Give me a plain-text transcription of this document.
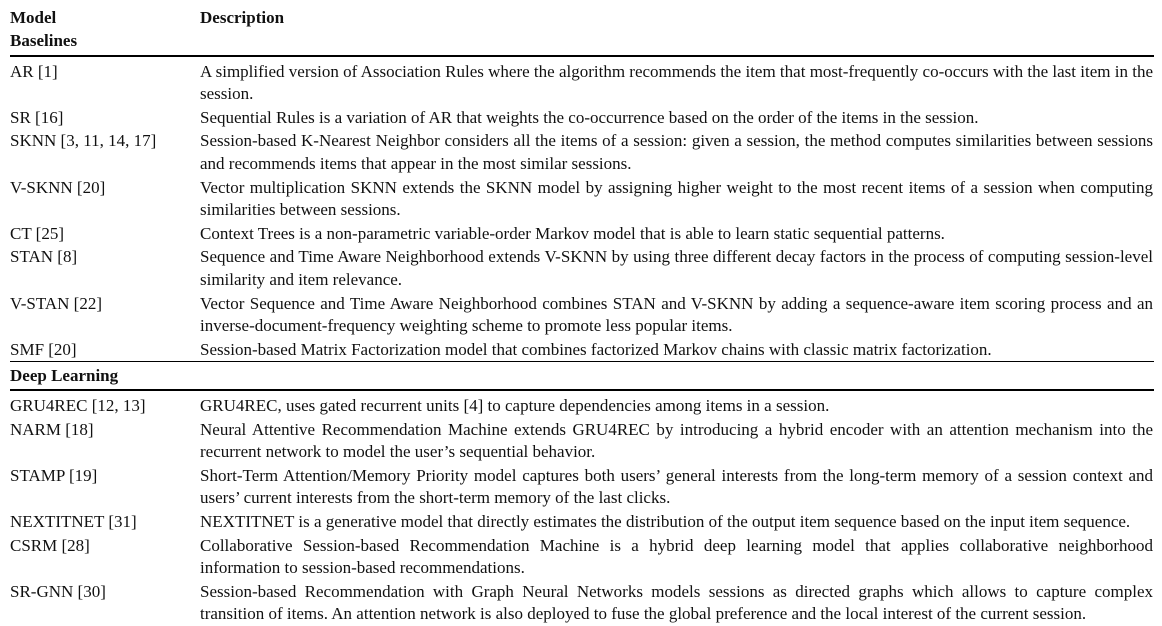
Model	Description
Baselines	
AR [1]	A simplified version of Association Rules where the algorithm recommends the item that most-frequently co-occurs with the last item in the session.
SR [16]	Sequential Rules is a variation of AR that weights the co-occurrence based on the order of the items in the session.
SKNN [3, 11, 14, 17]	Session-based K-Nearest Neighbor considers all the items of a session: given a session, the method computes similarities between sessions and recommends items that appear in the most similar sessions.
V-SKNN [20]	Vector multiplication SKNN extends the SKNN model by assigning higher weight to the most recent items of a session when computing similarities between sessions.
CT [25]	Context Trees is a non-parametric variable-order Markov model that is able to learn static sequential patterns.
STAN [8]	Sequence and Time Aware Neighborhood extends V-SKNN by using three different decay factors in the process of computing session-level similarity and item relevance.
V-STAN [22]	Vector Sequence and Time Aware Neighborhood combines STAN and V-SKNN by adding a sequence-aware item scoring process and an inverse-document-frequency weighting scheme to promote less popular items.
SMF [20]	Session-based Matrix Factorization model that combines factorized Markov chains with classic matrix factorization.
Deep Learning	
GRU4REC [12, 13]	GRU4REC, uses gated recurrent units [4] to capture dependencies among items in a session.
NARM [18]	Neural Attentive Recommendation Machine extends GRU4REC by introducing a hybrid encoder with an attention mechanism into the recurrent network to model the user’s sequential behavior.
STAMP [19]	Short-Term Attention/Memory Priority model captures both users’ general interests from the long-term memory of a session context and users’ current interests from the short-term memory of the last clicks.
NEXTITNET [31]	NEXTITNET is a generative model that directly estimates the distribution of the output item sequence based on the input item sequence.
CSRM [28]	Collaborative Session-based Recommendation Machine is a hybrid deep learning model that applies collaborative neighborhood information to session-based recommendations.
SR-GNN [30]	Session-based Recommendation with Graph Neural Networks models sessions as directed graphs which allows to capture complex transition of items. An attention network is also deployed to fuse the global preference and the local interest of the current session.
